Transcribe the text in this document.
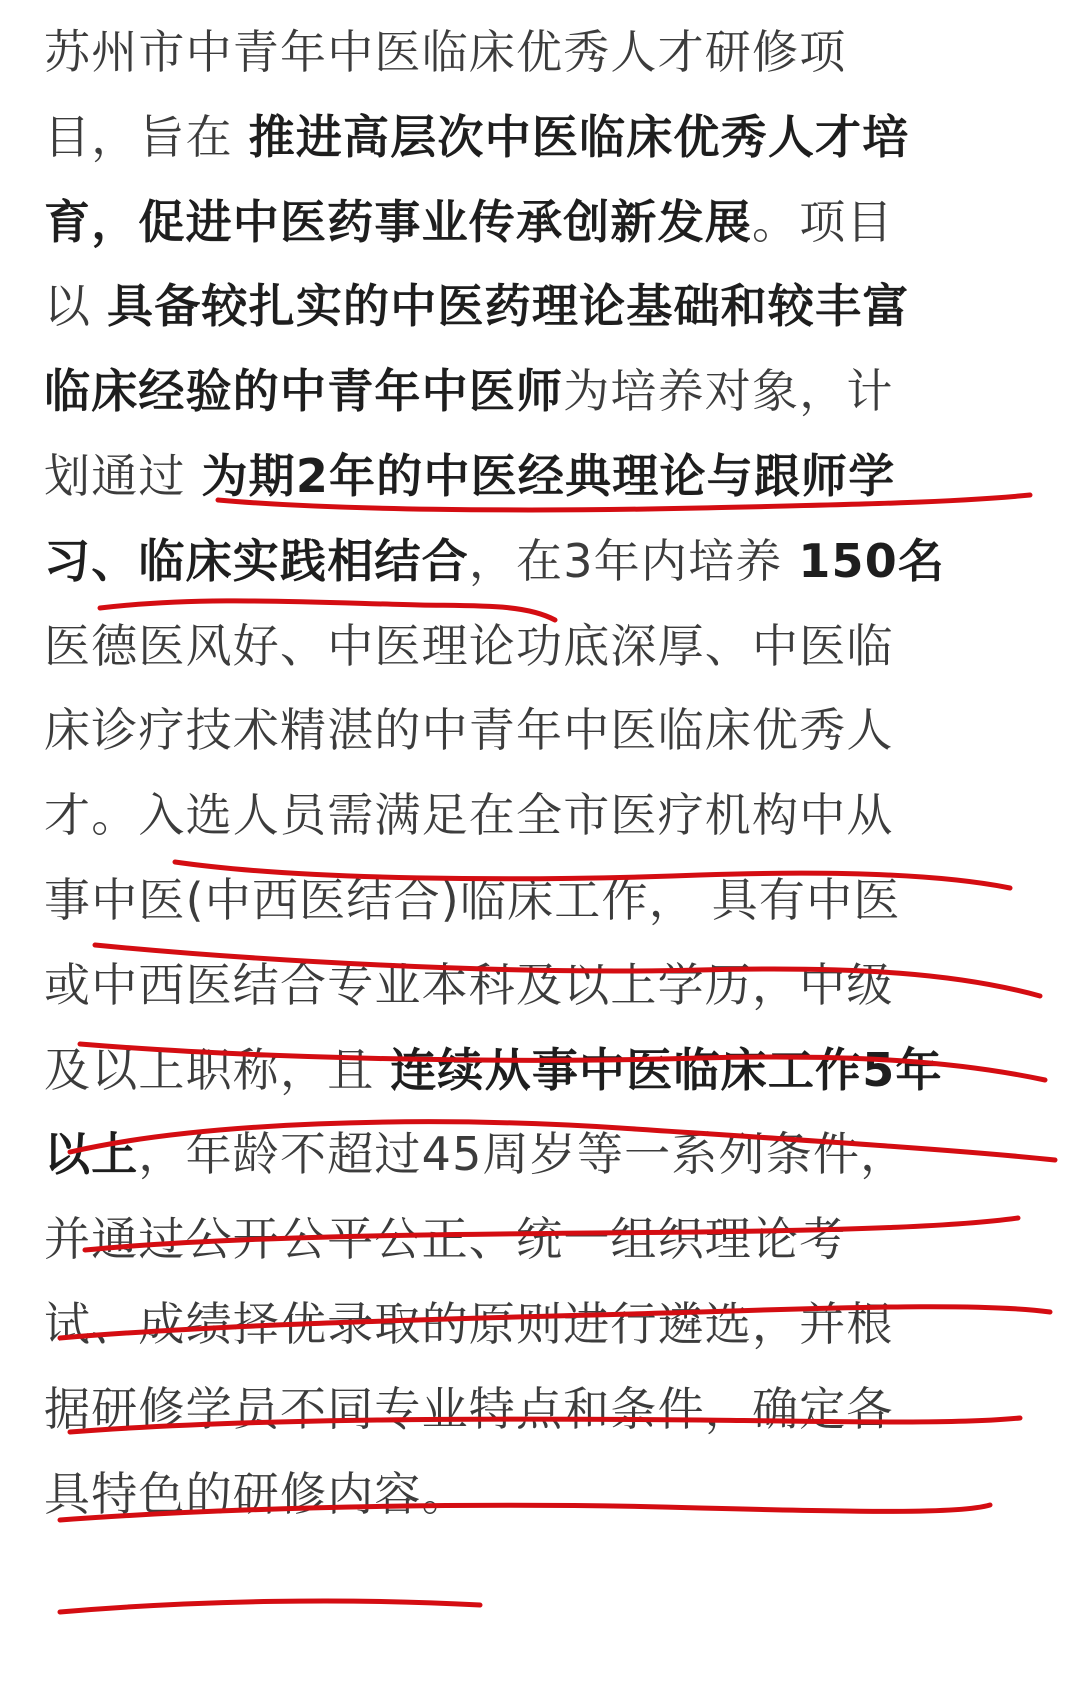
苏州市中青年中医临床优秀人才研修项
目，旨在 推进高层次中医临床优秀人才培
育，促进中医药事业传承创新发展。项目
以 具备较扎实的中医药理论基础和较丰富
临床经验的中青年中医师为培养对象，计
划通过 为期2年的中医经典理论与跟师学
习、临床实践相结合，在3年内培养 150名
医德医风好、中医理论功底深厚、中医临
床诊疗技术精湛的中青年中医临床优秀人
才。入选人员需满足在全市医疗机构中从
事中医(中西医结合)临床工作， 具有中医
或中西医结合专业本科及以上学历，中级
及以上职称，且 连续从事中医临床工作5年
以上，年龄不超过45周岁等一系列条件，
并通过公开公平公正、统一组织理论考
试、成绩择优录取的原则进行遴选，并根
据研修学员不同专业特点和条件，确定各
具特色的研修内容。
